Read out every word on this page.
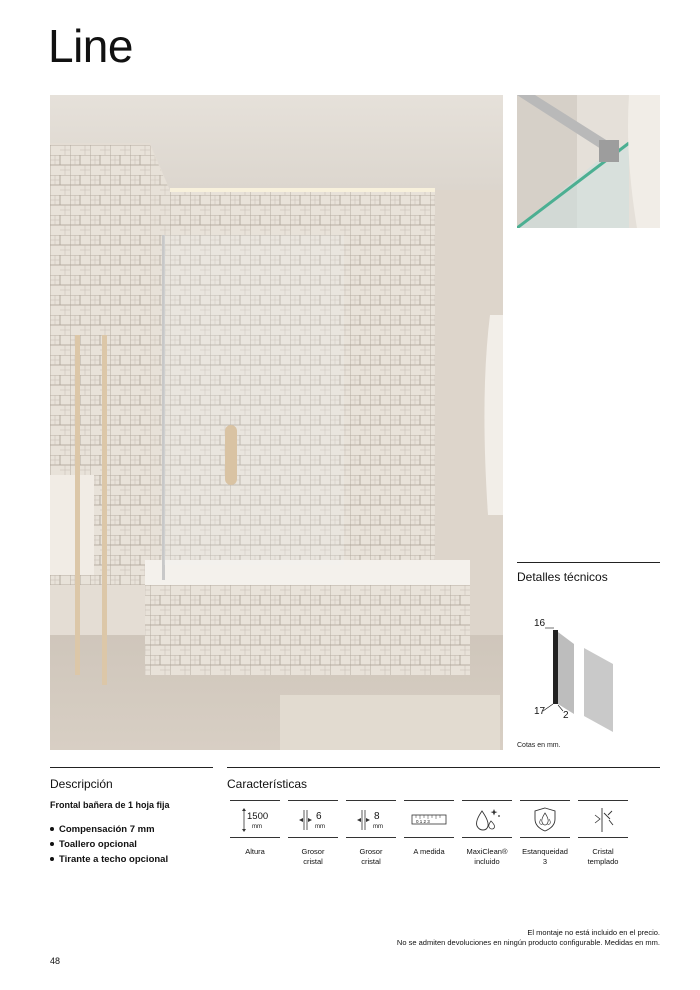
Line
Detalles técnicos
16
17 2
Cotas en mm.
Descripción
Frontal bañera de 1 hoja fija
Compensación 7 mm
Toallero opcional
Tirante a techo opcional
Características
1500
mm
Altura

6
mm
Grosor
cristal
8
mm
Grosor
cristal
0 1 2 3
A medida	MaxiClean®
incluido
Estanqueidad
3
Cristal
templado
El montaje no está incluido en el precio.
No se admiten devoluciones en ningún producto configurable. Medidas en mm.
48
